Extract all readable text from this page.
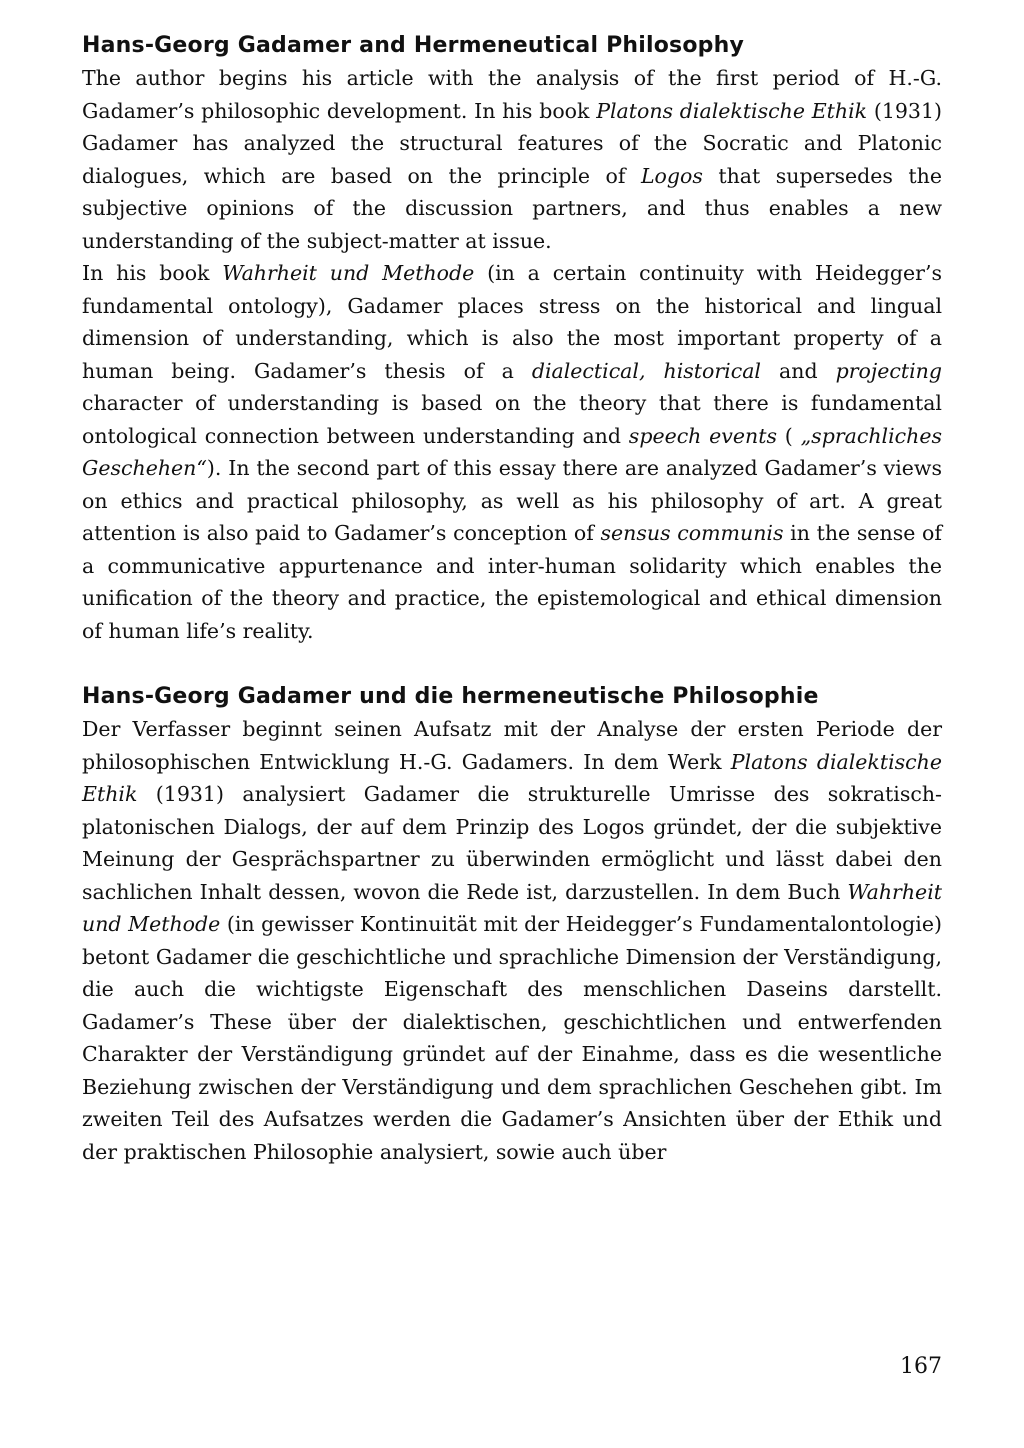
Hans-Georg Gadamer and Hermeneutical Philosophy

The author begins his article with the analysis of the first period of H.-G. Gadamer’s philosophic development. In his book Platons dialektische Ethik (1931) Gadamer has analyzed the structural features of the Socratic and Platonic dialogues, which are based on the principle of Logos that supersedes the subjective opinions of the discussion partners, and thus enables a new understanding of the subject-matter at issue.

In his book Wahrheit und Methode (in a certain continuity with Heidegger’s fundamental ontology), Gadamer places stress on the historical and lingual dimension of understanding, which is also the most important property of a human being. Gadamer’s thesis of a dialectical, historical and projecting character of understanding is based on the theory that there is fundamental ontological connection between understanding and speech events ( „sprachliches Geschehen“). In the second part of this essay there are analyzed Gadamer’s views on ethics and practical philosophy, as well as his philosophy of art. A great attention is also paid to Gadamer’s conception of sensus communis in the sense of a communicative appurtenance and inter-human solidarity which enables the unification of the theory and practice, the epistemological and ethical dimension of human life’s reality.

Hans-Georg Gadamer und die hermeneutische Philosophie

Der Verfasser beginnt seinen Aufsatz mit der Analyse der ersten Periode der philosophischen Entwicklung H.-G. Gadamers. In dem Werk Platons dialektische Ethik (1931) analysiert Gadamer die strukturelle Umrisse des sokratisch-platonischen Dialogs, der auf dem Prinzip des Logos gründet, der die subjektive Meinung der Gesprächspartner zu überwinden ermöglicht und lässt dabei den sachlichen Inhalt dessen, wovon die Rede ist, darzustellen. In dem Buch Wahrheit und Methode (in gewisser Kontinuität mit der Heidegger’s Fundamentalontologie) betont Gadamer die geschichtliche und sprachliche Dimension der Verständigung, die auch die wichtigste Eigenschaft des menschlichen Daseins darstellt. Gadamer’s These über der dialektischen, geschichtlichen und entwerfenden Charakter der Verständigung gründet auf der Einahme, dass es die wesentliche Beziehung zwischen der Verständigung und dem sprachlichen Geschehen gibt. Im zweiten Teil des Aufsatzes werden die Gadamer’s Ansichten über der Ethik und der praktischen Philosophie analysiert, sowie auch über

167
